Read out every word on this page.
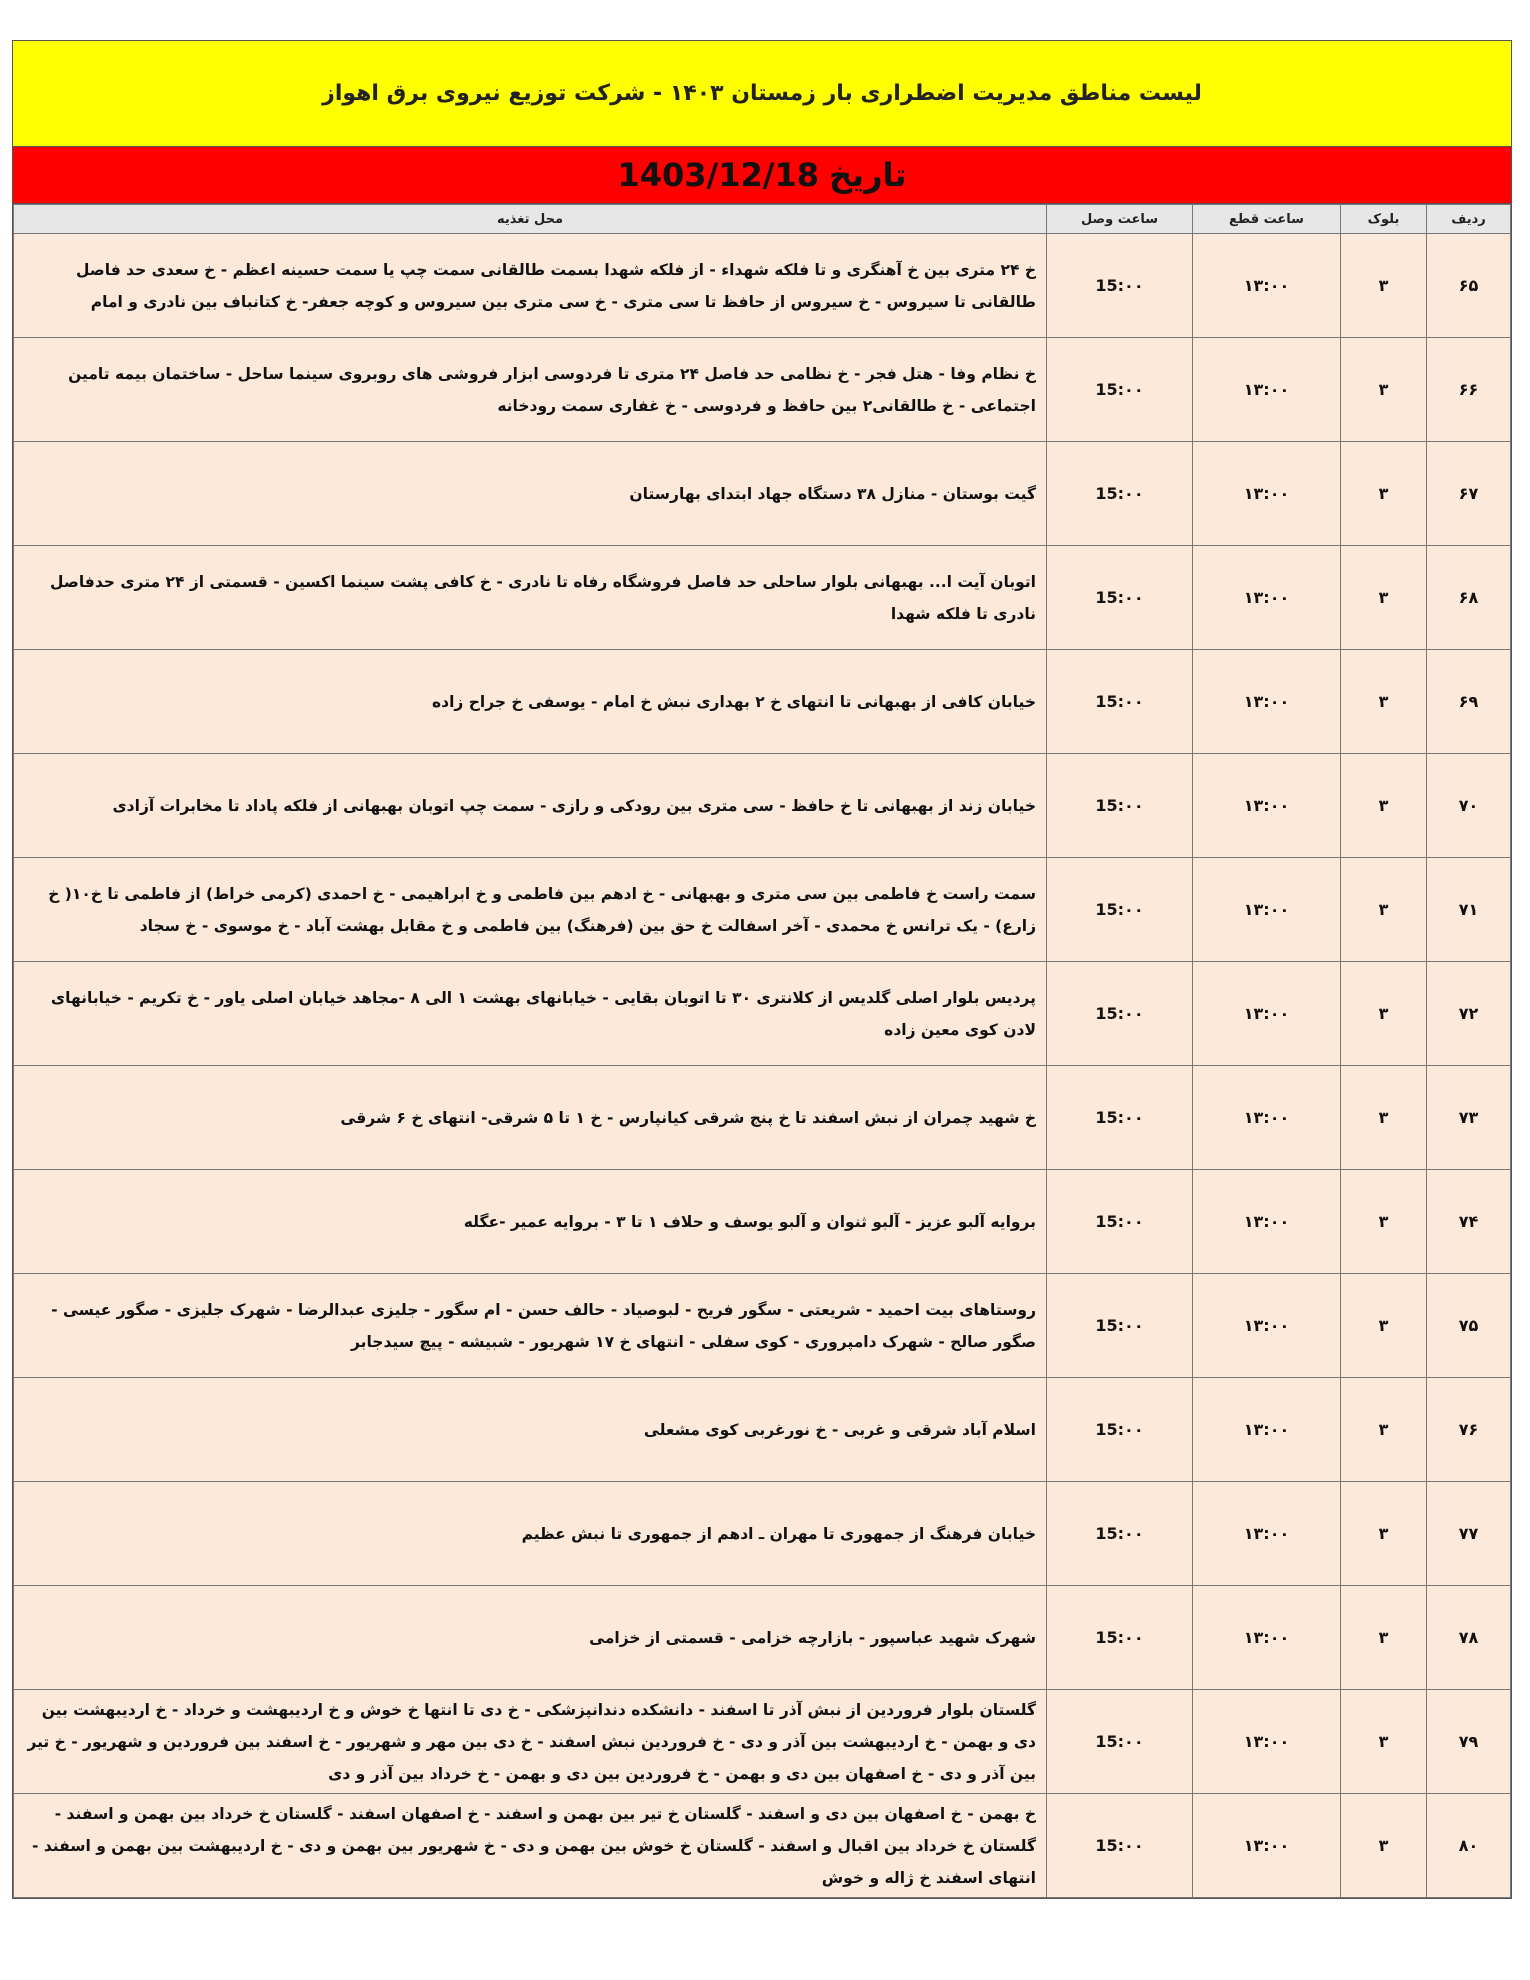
لیست مناطق مدیریت اضطراری بار زمستان ۱۴۰۳ - شرکت توزیع نیروی برق اهواز
تاریخ
1403/12/18
ردیف	بلوک	ساعت قطع	ساعت وصل	محل تغذیه
۶۵	۳	۱۳:۰۰	15:۰۰	خ ۲۴ متری بین خ آهنگری و تا فلکه شهداء - از فلکه شهدا بسمت طالقانی سمت چپ یا سمت حسینه اعظم - خ سعدی حد فاصل طالقانی تا سیروس - خ سیروس از حافظ تا سی متری - خ سی متری بین سیروس و کوچه جعفر- خ کتانباف بین نادری و امام
۶۶	۳	۱۳:۰۰	15:۰۰	خ نظام وفا - هتل فجر - خ نظامی حد فاصل ۲۴ متری تا فردوسی ابزار فروشی های روبروی سینما ساحل - ساختمان بیمه تامین اجتماعی - خ طالقانی۲ بین حافظ و فردوسی - خ غفاری سمت رودخانه
۶۷	۳	۱۳:۰۰	15:۰۰	گیت بوستان - منازل ۳۸ دستگاه جهاد ابتدای بهارستان
۶۸	۳	۱۳:۰۰	15:۰۰	اتوبان آیت ا... بهبهانی بلوار ساحلی حد فاصل فروشگاه رفاه تا نادری - خ کافی پشت سینما اکسین - قسمتی از ۲۴ متری حدفاصل نادری تا فلکه شهدا
۶۹	۳	۱۳:۰۰	15:۰۰	خیابان کافی از بهبهانی تا انتهای خ ۲ بهداری نبش خ امام - یوسفی خ جراح زاده
۷۰	۳	۱۳:۰۰	15:۰۰	خیابان زند از بهبهانی تا خ حافظ - سی متری بین رودکی و رازی - سمت چپ اتوبان بهبهانی از فلکه پاداد تا مخابرات آزادی
۷۱	۳	۱۳:۰۰	15:۰۰	سمت راست خ فاطمی بین سی متری و بهبهانی - خ ادهم بین فاطمی و خ ابراهیمی - خ احمدی (کرمی خراط) از فاطمی تا خ۱۰( خ زارع) - یک ترانس خ محمدی - آخر اسفالت خ حق بین (فرهنگ) بین فاطمی و خ مقابل بهشت آباد - خ موسوی - خ سجاد
۷۲	۳	۱۳:۰۰	15:۰۰	پردیس بلوار اصلی گلدیس از کلانتری ۳۰ تا اتوبان بقایی - خیابانهای بهشت ۱ الی ۸ -مجاهد خیابان اصلی یاور - خ تکریم - خیابانهای لادن کوی معین زاده
۷۳	۳	۱۳:۰۰	15:۰۰	خ شهید چمران از نبش اسفند تا خ پنج شرقی کیانپارس - خ ۱ تا ۵ شرقی- انتهای خ ۶ شرقی
۷۴	۳	۱۳:۰۰	15:۰۰	بروایه آلبو عزیز - آلبو ثنوان و آلبو یوسف و حلاف ۱ تا ۳ - بروایه عمیر -عگله
۷۵	۳	۱۳:۰۰	15:۰۰	روستاهای بیت احمید - شریعتی - سگور فریح - لبوصیاد - حالف حسن - ام سگور - جلیزی عبدالرضا - شهرک جلیزی - صگور عیسی - صگور صالح - شهرک دامپروری - کوی سفلی - انتهای خ ۱۷ شهریور - شبیشه - پیچ سیدجابر
۷۶	۳	۱۳:۰۰	15:۰۰	اسلام آباد شرقی و غربی - خ نورغربی کوی مشعلی
۷۷	۳	۱۳:۰۰	15:۰۰	خیابان فرهنگ از جمهوری تا مهران ـ ادهم از جمهوری تا نبش عظیم
۷۸	۳	۱۳:۰۰	15:۰۰	شهرک شهید عباسپور - بازارچه خزامی - قسمتی از خزامی
۷۹	۳	۱۳:۰۰	15:۰۰	گلستان بلوار فروردین از نبش آذر تا اسفند - دانشکده دندانپزشکی - خ دی تا انتها خ خوش و خ اردیبهشت و خرداد - خ اردیبهشت بین دی و بهمن - خ اردیبهشت بین آذر و دی - خ فروردین نبش اسفند - خ دی بین مهر و شهریور - خ اسفند بین فروردین و شهریور - خ تیر بین آذر و دی - خ اصفهان بین دی و بهمن - خ فروردین بین دی و بهمن - خ خرداد بین آذر و دی
۸۰	۳	۱۳:۰۰	15:۰۰	خ بهمن - خ اصفهان بین دی و اسفند - گلستان خ تیر بین بهمن و اسفند - خ اصفهان اسفند - گلستان خ خرداد بین بهمن و اسفند - گلستان خ خرداد بین اقبال و اسفند - گلستان خ خوش بین بهمن و دی - خ شهریور بین بهمن و دی - خ اردیبهشت بین بهمن و اسفند - انتهای اسفند خ ژاله و خوش
